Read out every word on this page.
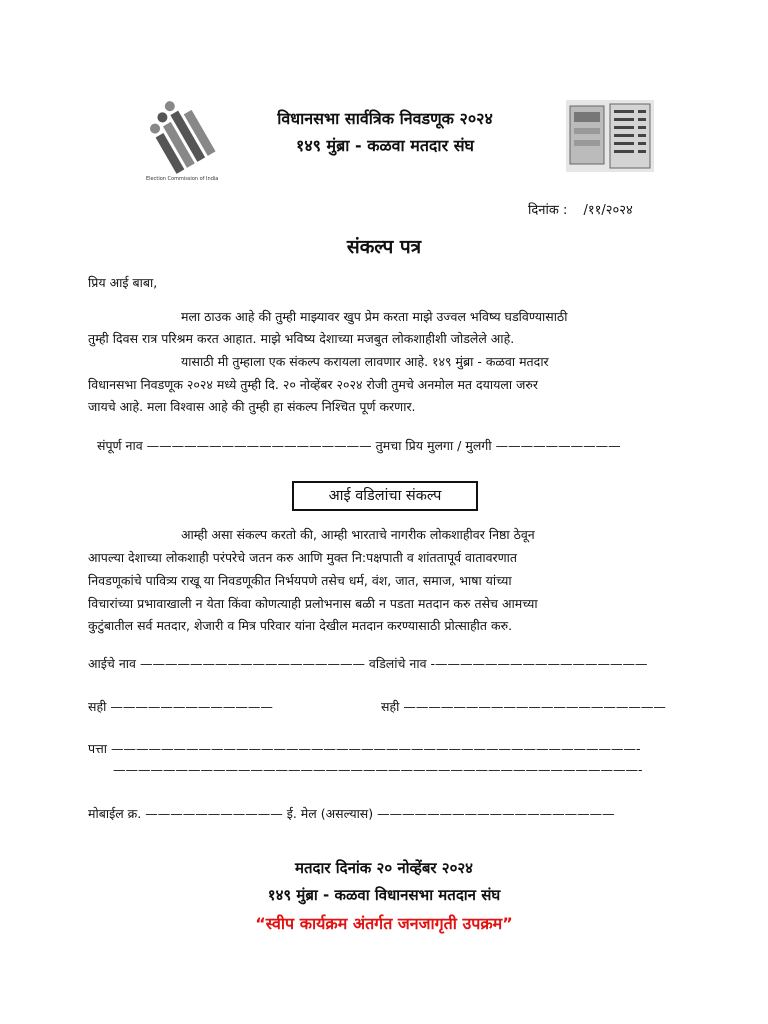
Election Commission of India
विधानसभा सार्वत्रिक निवडणूक २०२४
१४९ मुंब्रा - कळवा मतदार संघ
दिनांक : /११/२०२४
संकल्प पत्र
प्रिय आई बाबा,
मला ठाउक आहे की तुम्ही माझ्यावर खुप प्रेम करता माझे उज्वल भविष्य घडविण्यासाठी
तुम्ही दिवस रात्र परिश्रम करत आहात. माझे भविष्य देशाच्या मजबुत लोकशाहीशी जोडलेले आहे.
यासाठी मी तुम्हाला एक संकल्प करायला लावणार आहे. १४९ मुंब्रा - कळवा मतदार
विधानसभा निवडणूक २०२४ मध्ये तुम्ही दि. २० नोव्हेंबर २०२४ रोजी तुमचे अनमोल मत दयायला जरुर
जायचे आहे. मला विश्वास आहे की तुम्ही हा संकल्प निश्चित पूर्ण करणार.
संपूर्ण नाव —————————————————— तुमचा प्रिय मुलगा / मुलगी ——————————
आई वडिलांचा संकल्प
आम्ही असा संकल्प करतो की, आम्ही भारताचे नागरीक लोकशाहीवर निष्ठा ठेवून
आपल्या देशाच्या लोकशाही परंपरेचे जतन करु आणि मुक्त नि:पक्षपाती व शांततापूर्व वातावरणात
निवडणूकांचे पावित्र्य राखू या निवडणूकीत निर्भयपणे तसेच धर्म, वंश, जात, समाज, भाषा यांच्या
विचारांच्या प्रभावाखाली न येता किंवा कोणत्याही प्रलोभनास बळी न पडता मतदान करु तसेच आमच्या
कुटुंबातील सर्व मतदार, शेजारी व मित्र परिवार यांना देखील मतदान करण्यासाठी प्रोत्साहीत करु.
आईचे नाव —————————————————— वडिलांचे नाव -—————————————————
सही —————————————	सही —————————————————————
पत्ता ——————————————————————————————————————————-
——————————————————————————————————————————-
मोबाईल क्र. ——————————— ई. मेल (असल्यास) ———————————————————
मतदार दिनांक २० नोव्हेंबर २०२४
१४९ मुंब्रा - कळवा विधानसभा मतदान संघ
“स्वीप कार्यक्रम अंतर्गत जनजागृती उपक्रम”
